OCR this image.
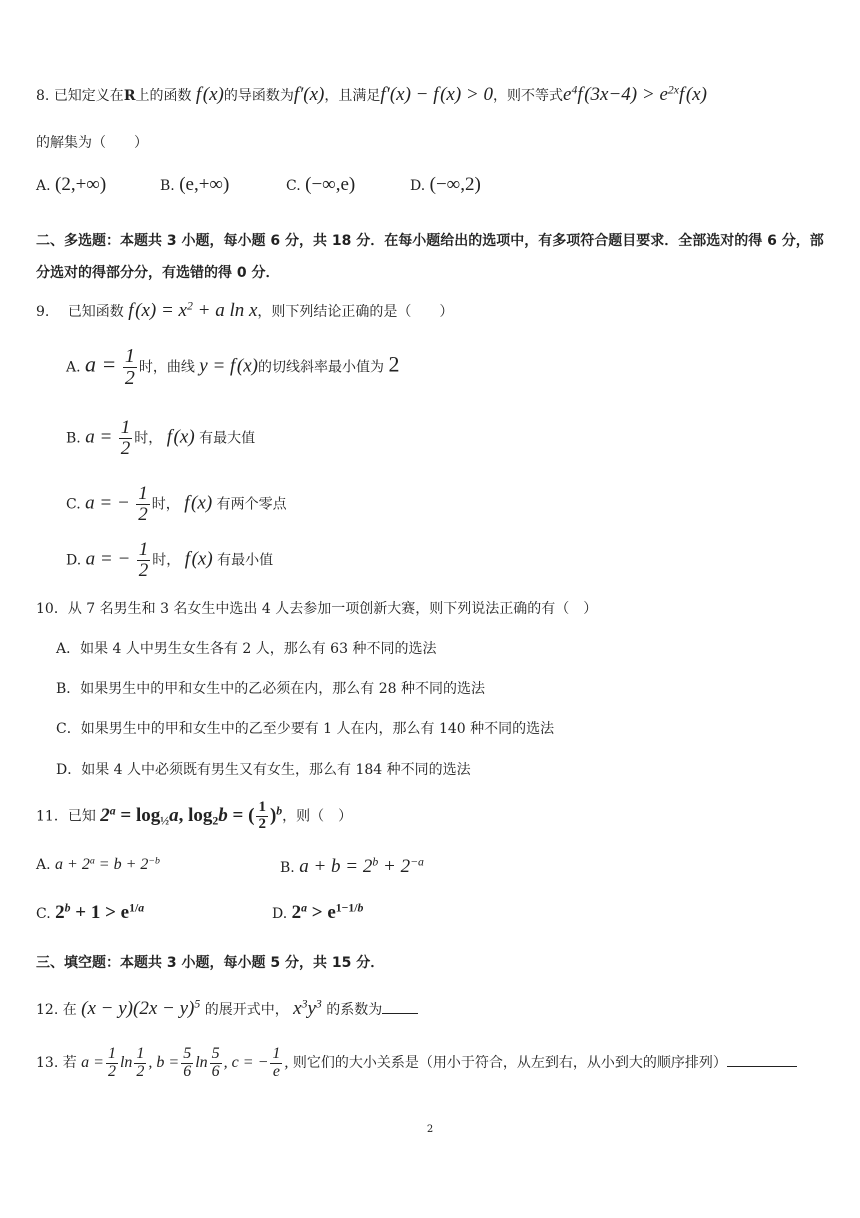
8. 已知定义在R上的函数 f (x)的导函数为f′(x)，且满足f′(x) − f (x) > 0，则不等式$e^4f$ $(3x-4) > e^{2x}f$ (x)
的解集为（　　）
A. (2,+∞)	B. (e,+∞)	C. (−∞,e)	D. (−∞,2)
二、多选题：本题共 3 小题，每小题 6 分，共 18 分．在每小题给出的选项中，有多项符合题目要求．全部选对的得 6 分，部
分选对的得部分分，有选错的得 0 分．
9. 已知函数 f $(x) = x^2 + a$ ln x，则下列结论正确的是（　　）
A. $a = \frac{1}{2}$ 时，曲线 y = f (x)的切线斜率最小值为 2
B. $a = \frac{1}{2}$ 时， f (x) 有最大值
C. a = − $\frac{1}{2}$ 时， f (x) 有两个零点
D. a = − $\frac{1}{2}$ 时， f (x) 有最小值
10．从 7 名男生和 3 名女生中选出 4 人去参加一项创新大赛，则下列说法正确的有（　）
A．如果 4 人中男生女生各有 2 人，那么有 63 种不同的选法
B．如果男生中的甲和女生中的乙必须在内，那么有 28 种不同的选法
C．如果男生中的甲和女生中的乙至少要有 1 人在内，那么有 140 种不同的选法
D．如果 4 人中必须既有男生又有女生，那么有 184 种不同的选法
11．已知 $2^a = \log_{\frac{1}{2}}a$, $\log_2b$ = ( $\frac{1}{2} )^b$，则（　）
A. $a + 2^a = b + 2^{-b}$	B. $a + b = 2^b + 2^{-a}$
C. $2^b + 1 > e^{1/a}$	D. $2^a > e^{1-1/b}$
三、填空题：本题共 3 小题，每小题 5 分，共 15 分．
12. 在 $(x - y)(2x - y)^5$ 的展开式中， $x^3y^3$ 的系数为
13. 若 $a = \frac{1}{2}$ $\ln \frac{1}{2}$ , $b = \frac{5}{6}$ $\ln \frac{5}{6}$ , c = − $\frac{1}{e}$ , 则它们的大小关系是（用小于符合，从左到右，从小到大的顺序排列）
2
